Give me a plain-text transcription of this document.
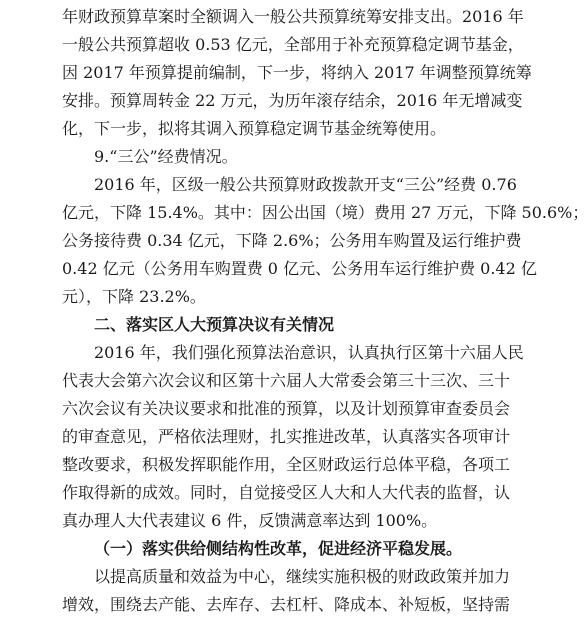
年财政预算草案时全额调入一般公共预算统筹安排支出。2016 年
一般公共预算超收 0.53 亿元，全部用于补充预算稳定调节基金，
因 2017 年预算提前编制，下一步，将纳入 2017 年调整预算统筹
安排。预算周转金 22 万元，为历年滚存结余，2016 年无增减变
化，下一步，拟将其调入预算稳定调节基金统筹使用。
9.“三公”经费情况。
2016 年，区级一般公共预算财政拨款开支“三公”经费 0.76
亿元，下降 15.4%。其中：因公出国（境）费用 27 万元，下降 50.6%；
公务接待费 0.34 亿元，下降 2.6%；公务用车购置及运行维护费
0.42 亿元（公务用车购置费 0 亿元、公务用车运行维护费 0.42 亿
元），下降 23.2%。
二、落实区人大预算决议有关情况
2016 年，我们强化预算法治意识，认真执行区第十六届人民
代表大会第六次会议和区第十六届人大常委会第三十三次、三十
六次会议有关决议要求和批准的预算，以及计划预算审查委员会
的审查意见，严格依法理财，扎实推进改革，认真落实各项审计
整改要求，积极发挥职能作用，全区财政运行总体平稳，各项工
作取得新的成效。同时，自觉接受区人大和人大代表的监督，认
真办理人大代表建议 6 件，反馈满意率达到 100%。
（一）落实供给侧结构性改革，促进经济平稳发展。
以提高质量和效益为中心，继续实施积极的财政政策并加力
增效，围绕去产能、去库存、去杠杆、降成本、补短板，坚持需
